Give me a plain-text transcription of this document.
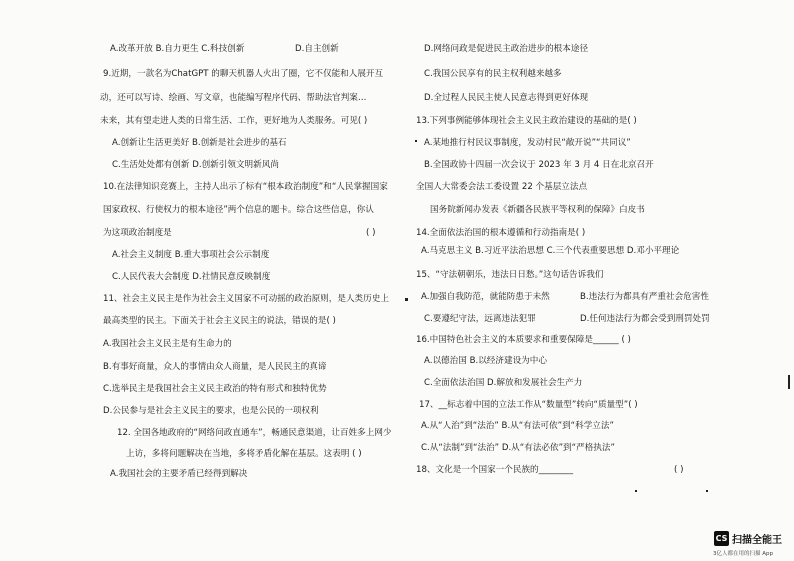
A.改革开放 B.自力更生 C.科技创新	D.自主创新
9.近期，一款名为ChatGPT 的聊天机器人火出了圈，它不仅能和人展开互
动，还可以写诗、绘画、写文章，也能编写程序代码、帮助法官判案…
未来，其有望走进人类的日常生活、工作，更好地为人类服务。可见( )
A.创新让生活更美好 B.创新是社会进步的基石
C.生活处处都有创新 D.创新引领文明新风尚
10.在法律知识竞赛上，主持人出示了标有“根本政治制度”和“人民掌握国家
国家政权、行使权力的根本途径”两个信息的题卡。综合这些信息，你认
为这项政治制度是	( )
A.社会主义制度 B.重大事项社会公示制度
C.人民代表大会制度 D.社情民意反映制度
11、社会主义民主是作为社会主义国家不可动摇的政治原则，是人类历史上
最高类型的民主。下面关于社会主义民主的说法，错误的是( )
A.我国社会主义民主是有生命力的
B.有事好商量，众人的事情由众人商量，是人民民主的真谛
C.选举民主是我国社会主义民主政治的特有形式和独特优势
D.公民参与是社会主义民主的要求，也是公民的一项权利
12. 全国各地政府的“网络问政直通车”，畅通民意渠道，让百姓多上网少
上访，多将问题解决在当地，多将矛盾化解在基层。这表明 ( )
A.我国社会的主要矛盾已经得到解决
D.网络问政是促进民主政治进步的根本途径
C.我国公民享有的民主权利越来越多
D.全过程人民民主使人民意志得到更好体现
13.下列事例能够体现社会主义民主政治建设的基础的是( )
A.某地推行村民议事制度，发动村民“敞开说”“共同议”
B.全国政协十四届一次会议于 2023 年 3 月 4 日在北京召开
全国人大常委会法工委设置 22 个基层立法点
国务院新闻办发表《新疆各民族平等权利的保障》白皮书
14.全面依法治国的根本遵循和行动指南是( )
A.马克思主义 B.习近平法治思想 C.三个代表重要思想 D.邓小平理论
15、“守法朝朝乐，违法日日愁。”这句话告诉我们
A.加强自我防范，就能防患于未然	B.违法行为都具有严重社会危害性
C.要遵纪守法，远离违法犯罪	D.任何违法行为都会受到刑罚处罚
16.中国特色社会主义的本质要求和重要保障是______ ( )
A.以德治国 B.以经济建设为中心
C.全面依法治国 D.解放和发展社会生产力
17、__标志着中国的立法工作从“数量型”转向“质量型”( )
A.从“人治”到“法治” B.从“有法可依”到“科学立法”
C.从“法制”到“法治” D.从“有法必依”到“严格执法”
18、文化是一个国家一个民族的________	( )
CS 扫描全能王
3亿人都在用的扫描 App
